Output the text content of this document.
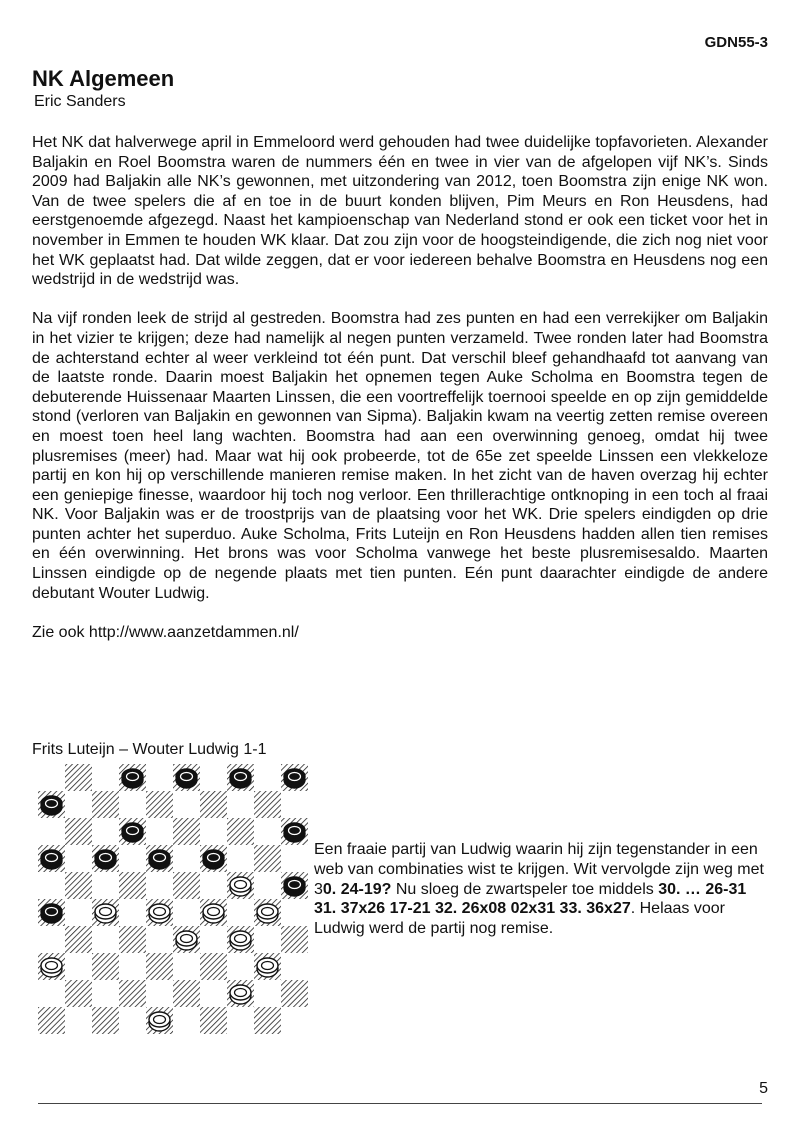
GDN55-3
NK Algemeen
Eric Sanders

Het NK dat halverwege april in Emmeloord werd gehouden had twee duidelijke topfavorieten. Alexander Baljakin en Roel Boomstra waren de nummers één en twee in vier van de afgelopen vijf NK’s. Sinds 2009 had Baljakin alle NK’s gewonnen, met uitzondering van 2012, toen Boomstra zijn enige NK won. Van de twee spelers die af en toe in de buurt konden blijven, Pim Meurs en Ron Heusdens, had eerstgenoemde afgezegd. Naast het kampioenschap van Nederland stond er ook een ticket voor het in november in Emmen te houden WK klaar. Dat zou zijn voor de hoogsteindigende, die zich nog niet voor het WK geplaatst had. Dat wilde zeggen, dat er voor iedereen behalve Boomstra en Heusdens nog een wedstrijd in de wedstrijd was.

Na vijf ronden leek de strijd al gestreden. Boomstra had zes punten en had een verrekijker om Baljakin in het vizier te krijgen; deze had namelijk al negen punten verzameld. Twee ronden later had Boomstra de achterstand echter al weer verkleind tot één punt. Dat verschil bleef gehandhaafd tot aanvang van de laatste ronde. Daarin moest Baljakin het opnemen tegen Auke Scholma en Boomstra tegen de debuterende Huissenaar Maarten Linssen, die een voortreffelijk toernooi speelde en op zijn gemiddelde stond (verloren van Baljakin en gewonnen van Sipma). Baljakin kwam na veertig zetten remise overeen en moest toen heel lang wachten. Boomstra had aan een overwinning genoeg, omdat hij twee plusremises (meer) had. Maar wat hij ook probeerde, tot de 65e zet speelde Linssen een vlekkeloze partij en kon hij op verschillende manieren remise maken. In het zicht van de haven overzag hij echter een geniepige finesse, waardoor hij toch nog verloor. Een thrillerachtige ontknoping in een toch al fraai NK. Voor Baljakin was er de troostprijs van de plaatsing voor het WK. Drie spelers eindigden op drie punten achter het superduo. Auke Scholma, Frits Luteijn en Ron Heusdens hadden allen tien remises en één overwinning. Het brons was voor Scholma vanwege het beste plusremisesaldo. Maarten Linssen eindigde op de negende plaats met tien punten. Eén punt daarachter eindigde de andere debutant Wouter Ludwig.

Zie ook http://www.aanzetdammen.nl/

Frits Luteijn – Wouter Ludwig 1-1
Een fraaie partij van Ludwig waarin hij zijn tegenstander in een web van combinaties wist te krijgen. Wit vervolgde zijn weg met 30. 24-19? Nu sloeg de zwartspeler toe middels 30. … 26-31 31. 37x26 17-21 32. 26x08 02x31 33. 36x27. Helaas voor Ludwig werd de partij nog remise.
5
